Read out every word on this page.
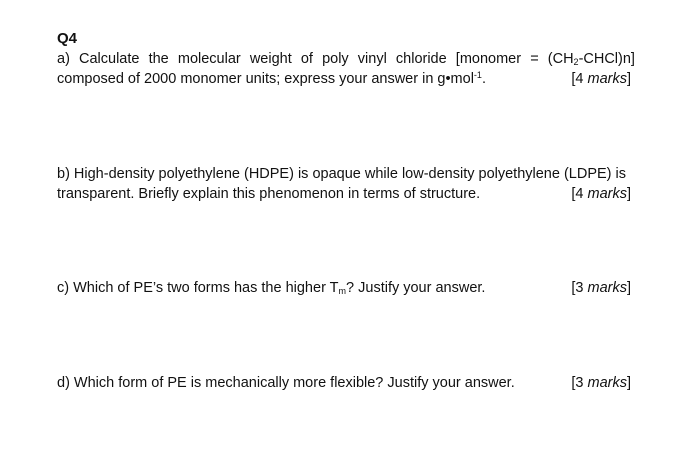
Q4
a) Calculate the molecular weight of poly vinyl chloride [monomer = $(CH_2-CHCl)n$]
composed of 2000 monomer units; express your answer in g•mol$^{-1}$.	[4 marks]
b) High-density polyethylene (HDPE) is opaque while low-density polyethylene (LDPE) is
transparent. Briefly explain this phenomenon in terms of structure.	[4 marks]
c) Which of PE’s two forms has the higher $T_m$? Justify your answer.	[3 marks]
d) Which form of PE is mechanically more flexible? Justify your answer.	[3 marks]
